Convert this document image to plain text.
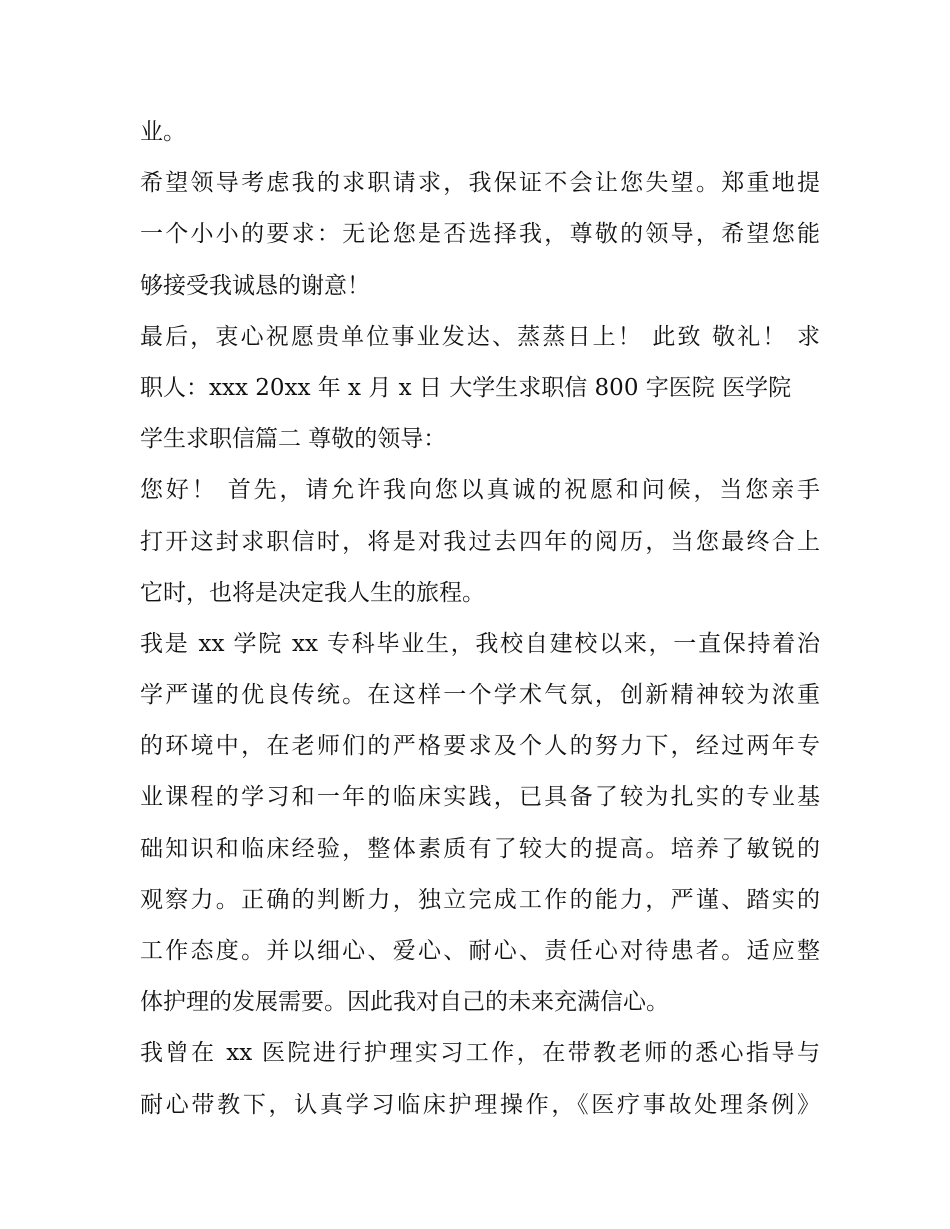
业。
希望领导考虑我的求职请求，我保证不会让您失望。郑重地提
一个小小的要求：无论您是否选择我，尊敬的领导，希望您能
够接受我诚恳的谢意！
最后，衷心祝愿贵单位事业发达、蒸蒸日上！ 此致 敬礼！ 求
职人：xxx 20xx 年 x 月 x 日 大学生求职信 800 字医院 医学院
学生求职信篇二 尊敬的领导：
您好！ 首先，请允许我向您以真诚的祝愿和问候，当您亲手
打开这封求职信时，将是对我过去四年的阅历，当您最终合上
它时，也将是决定我人生的旅程。
我是 xx 学院 xx 专科毕业生，我校自建校以来，一直保持着治
学严谨的优良传统。在这样一个学术气氛，创新精神较为浓重
的环境中，在老师们的严格要求及个人的努力下，经过两年专
业课程的学习和一年的临床实践，已具备了较为扎实的专业基
础知识和临床经验，整体素质有了较大的提高。培养了敏锐的
观察力。正确的判断力，独立完成工作的能力，严谨、踏实的
工作态度。并以细心、爱心、耐心、责任心对待患者。适应整
体护理的发展需要。因此我对自己的未来充满信心。
我曾在 xx 医院进行护理实习工作，在带教老师的悉心指导与
耐心带教下，认真学习临床护理操作，《医疗事故处理条例》
